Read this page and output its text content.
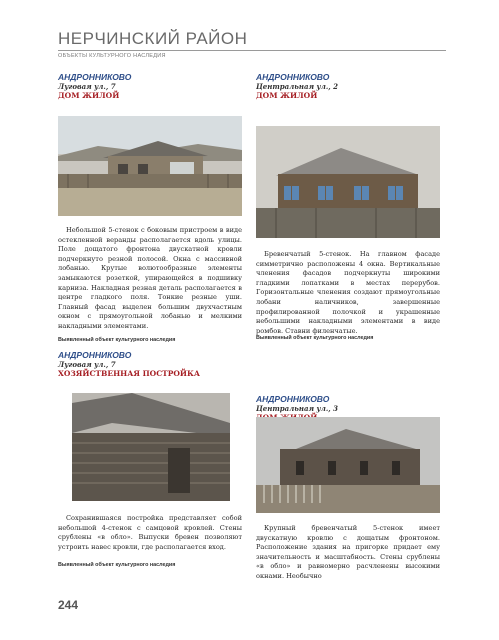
НЕРЧИНСКИЙ РАЙОН
ОБЪЕКТЫ КУЛЬТУРНОГО НАСЛЕДИЯ
АНДРОННИКОВО
Луговая ул., 7
ДОМ ЖИЛОЙ
Небольшой 5-стенок с боковым пристроем в виде остекленной веранды располагается вдоль улицы. Поле дощатого фронтона двускатной кровли подчеркнуто резной полосой. Окна с массивной лобанью. Крутые волютообразные элементы замыкаются розеткой, упирающейся в подшивку карниза. Накладная резная деталь располагается в центре гладкого поля. Тонкие резные уши. Главный фасад выделен большим двухчастным окном с прямоугольной лобанью и мелкими накладными элементами.
Выявленный объект культурного наследия
АНДРОННИКОВО
Центральная ул., 2
ДОМ ЖИЛОЙ
Бревенчатый 5-стенок. На главном фасаде симметрично расположены 4 окна. Вертикальные членения фасадов подчеркнуты широкими гладкими лопатками в местах перерубов. Горизонтальные членения создают прямоугольные лобани наличников, завершенные профилированной полочкой и украшенные небольшими накладными элементами в виде ромбов. Ставни филенчатые.
Выявленный объект культурного наследия
АНДРОННИКОВО
Луговая ул., 7
ХОЗЯЙСТВЕННАЯ ПОСТРОЙКА
Сохранившаяся постройка представляет собой небольшой 4-стенок с самцовой кровлей. Стены срублены «в обло». Выпуски бревен позволяют устроить навес кровли, где располагается вход.
Выявленный объект культурного наследия
АНДРОННИКОВО
Центральная ул., 3
Крупный бревенчатый 5-стенок имеет двускатную кровлю с дощатым фронтоном. Расположение здания на пригорке придает ему значительность и масштабность. Стены срублены «в обло» и равномерно расчленены высокими окнами. Необычно
244
